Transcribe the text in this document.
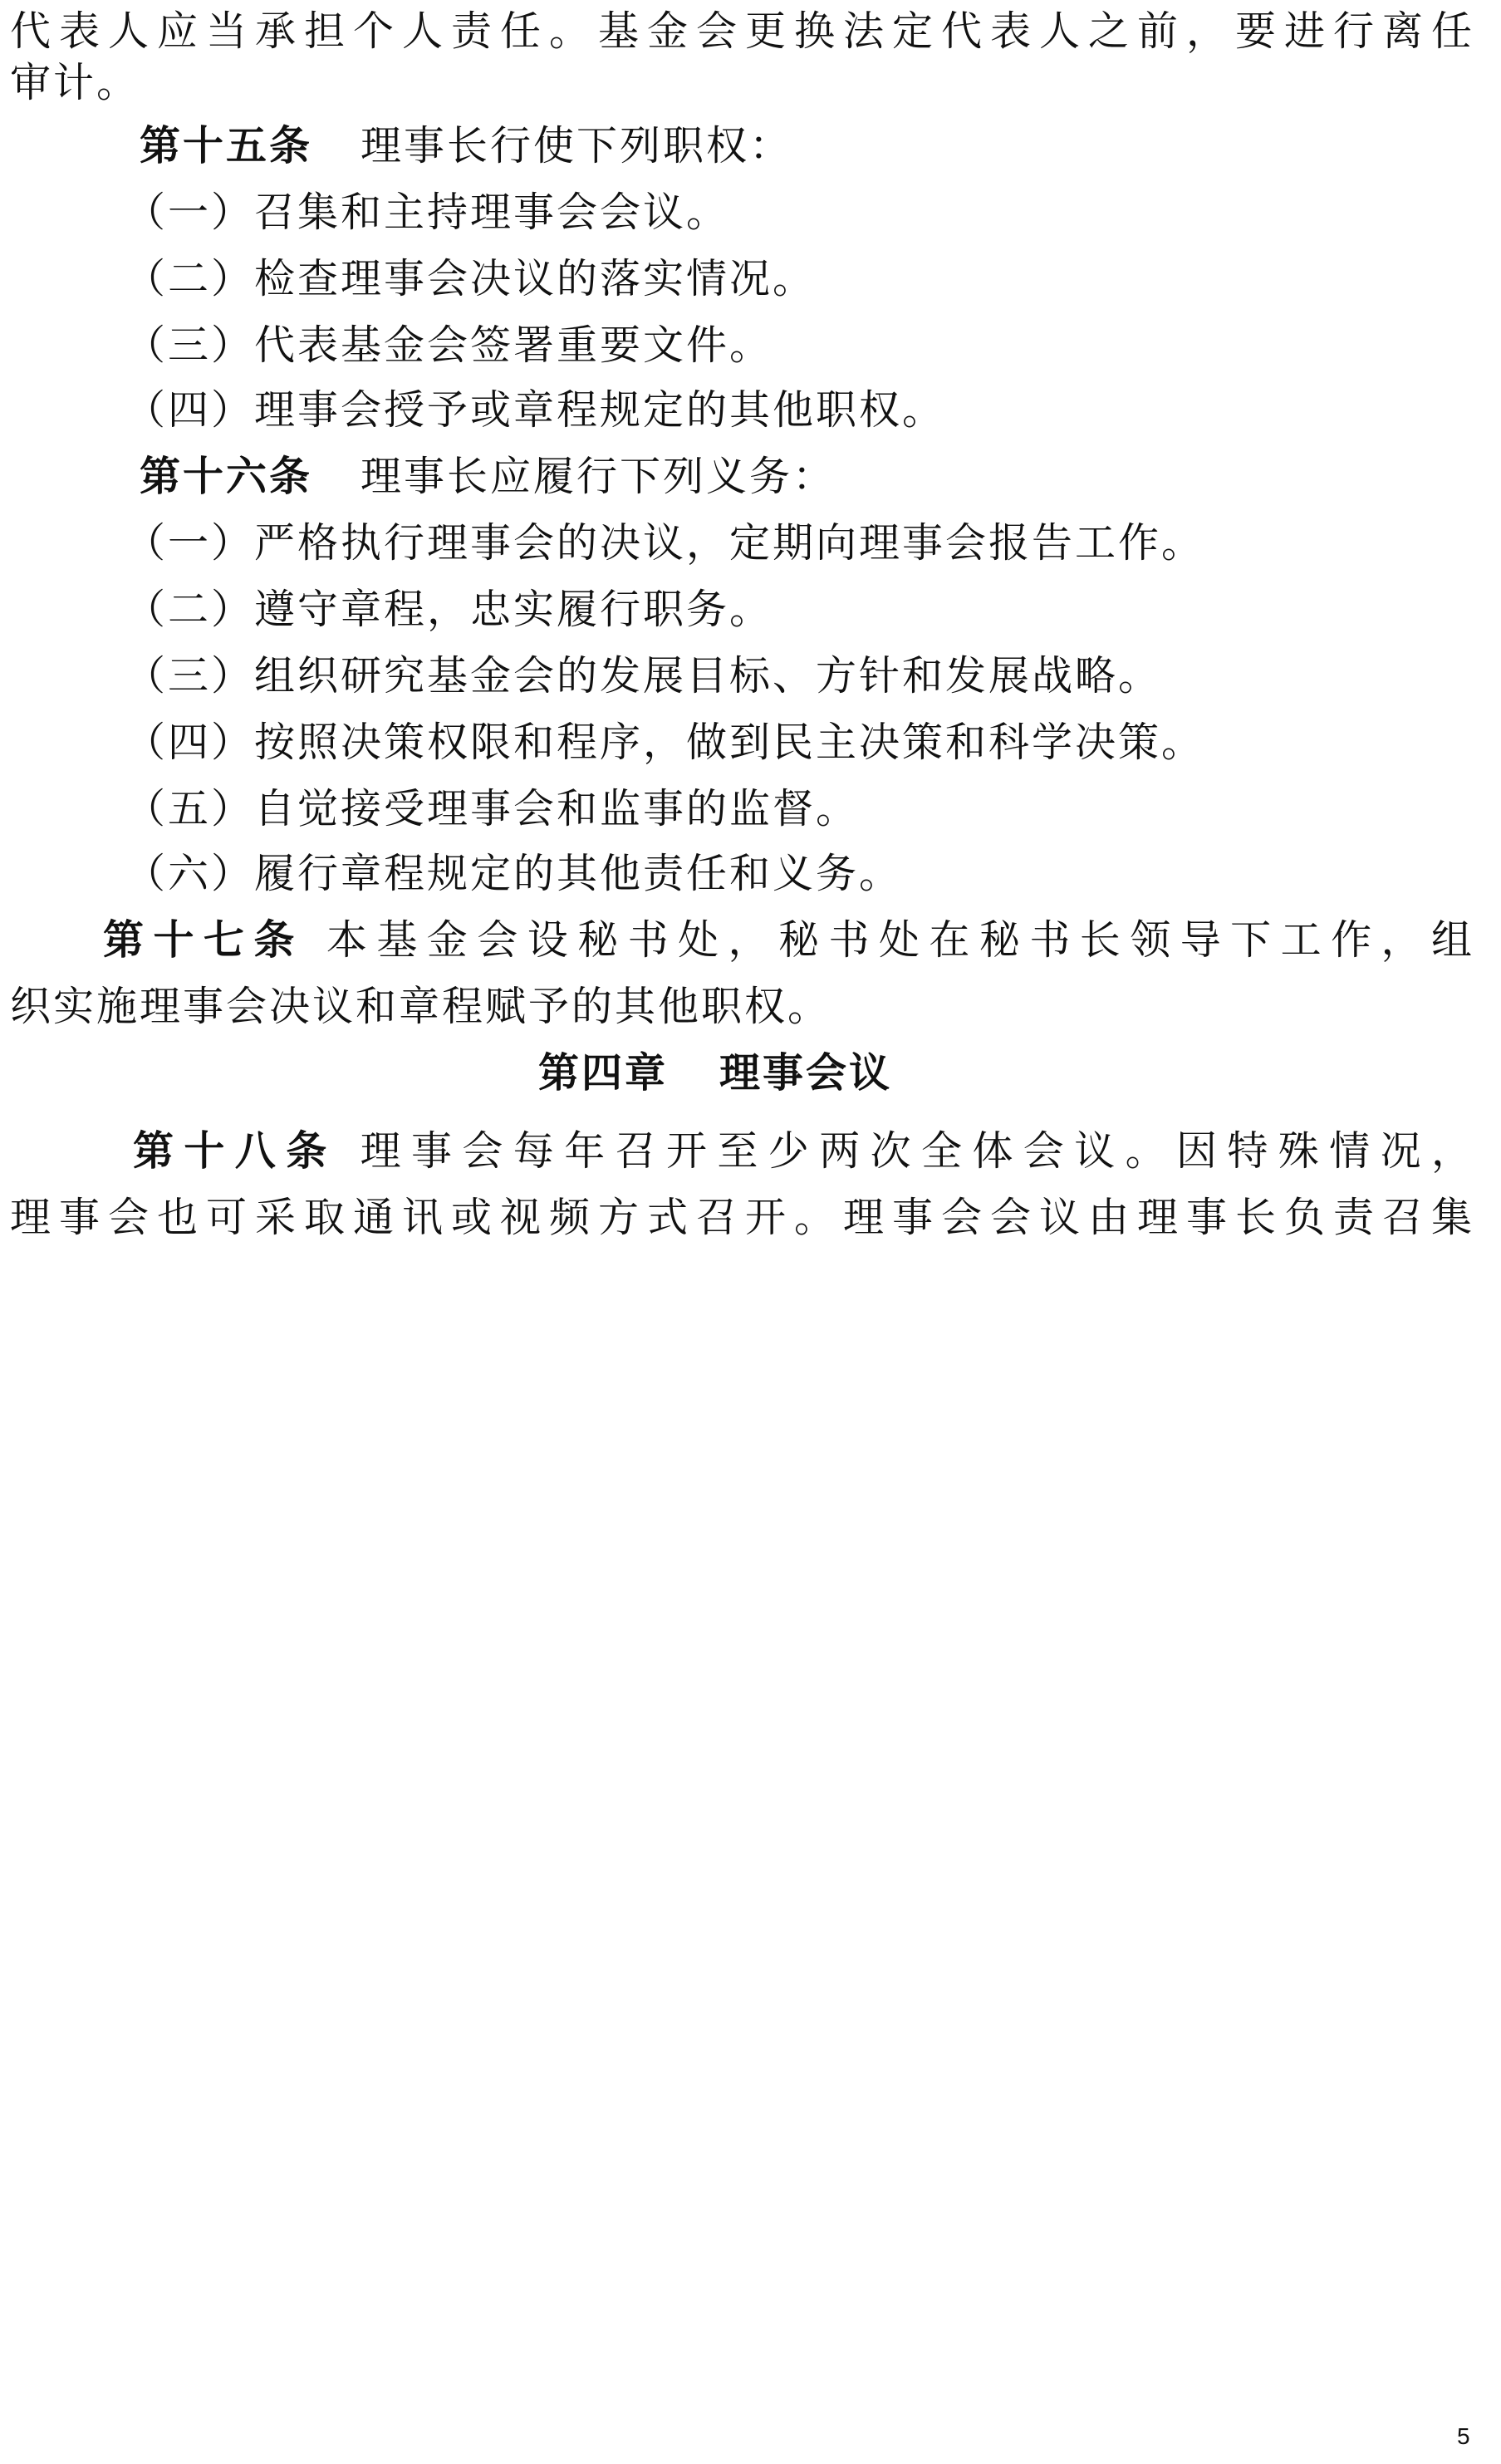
代表人应当承担个人责任。基金会更换法定代表人之前，要进行离任
审计。
第十五条 理事长行使下列职权：
（一）召集和主持理事会会议。
（二）检查理事会决议的落实情况。
（三）代表基金会签署重要文件。
（四）理事会授予或章程规定的其他职权。
第十六条 理事长应履行下列义务：
（一）严格执行理事会的决议，定期向理事会报告工作。
（二）遵守章程，忠实履行职务。
（三）组织研究基金会的发展目标、方针和发展战略。
（四）按照决策权限和程序，做到民主决策和科学决策。
（五）自觉接受理事会和监事的监督。
（六）履行章程规定的其他责任和义务。
第十七条 本基金会设秘书处，秘书处在秘书长领导下工作，组
织实施理事会决议和章程赋予的其他职权。
第四章 理事会议
第十八条 理事会每年召开至少两次全体会议。因特殊情况，
理事会也可采取通讯或视频方式召开。理事会会议由理事长负责召集
5
